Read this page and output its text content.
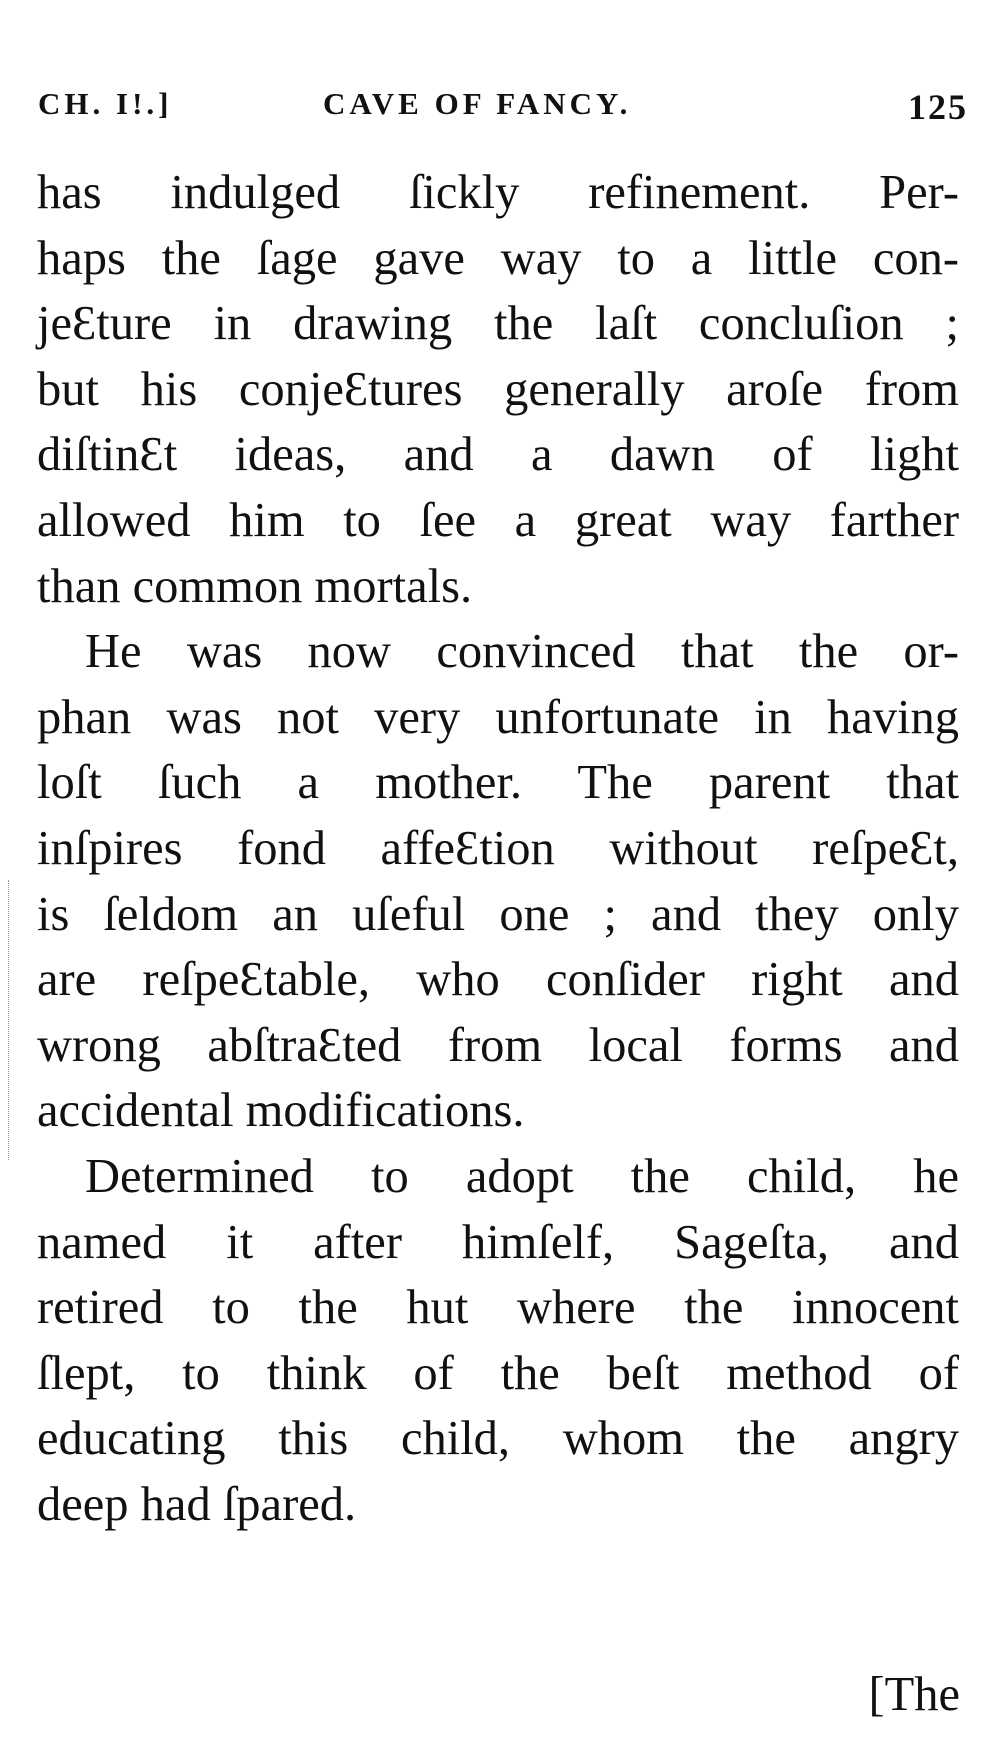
CH. I!.]	CAVE OF FANCY.	125
has indulged ſickly refinement. Per-
haps the ſage gave way to a little con-
jeƐture in drawing the laſt concluſion ;
but his conjeƐtures generally aroſe from
diſtinƐt ideas, and a dawn of light
allowed him to ſee a great way farther
than common mortals.
He was now convinced that the or-
phan was not very unfortunate in having
loſt ſuch a mother. The parent that
inſpires fond affeƐtion without reſpeƐt,
is ſeldom an uſeful one ; and they only
are reſpeƐtable, who conſider right and
wrong abſtraƐted from local forms and
accidental modifications.
Determined to adopt the child, he
named it after himſelf, Sageſta, and
retired to the hut where the innocent
ſlept, to think of the beſt method of
educating this child, whom the angry
deep had ſpared.
[The
